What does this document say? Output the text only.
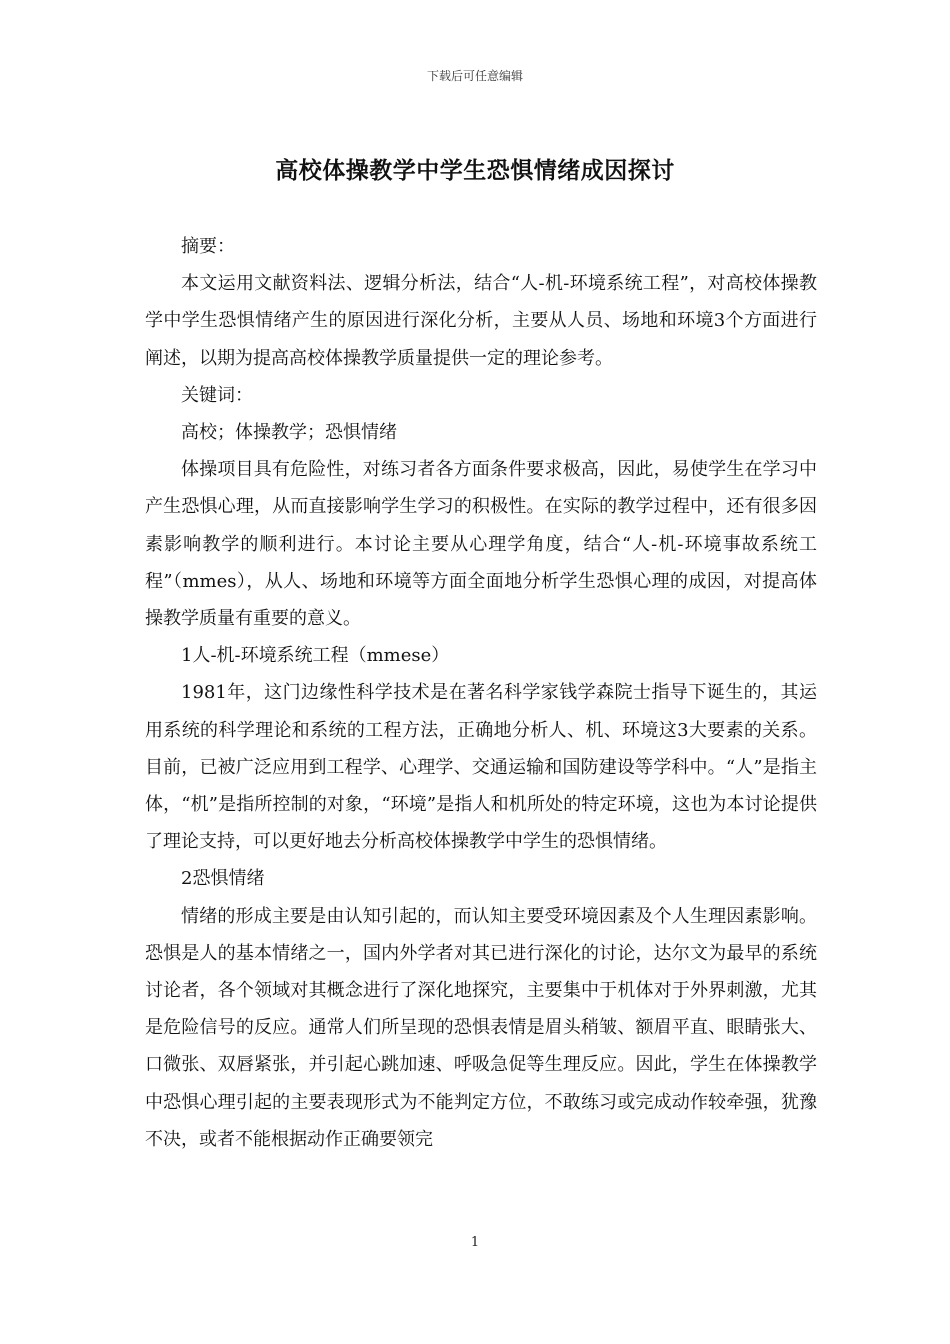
下载后可任意编辑
高校体操教学中学生恐惧情绪成因探讨

摘要：

本文运用文献资料法、逻辑分析法，结合“人-机-环境系统工程”，对高校体操教学中学生恐惧情绪产生的原因进行深化分析，主要从人员、场地和环境3个方面进行阐述，以期为提高高校体操教学质量提供一定的理论参考。

关键词：

高校；体操教学；恐惧情绪

体操项目具有危险性，对练习者各方面条件要求极高，因此，易使学生在学习中产生恐惧心理，从而直接影响学生学习的积极性。在实际的教学过程中，还有很多因素影响教学的顺利进行。本讨论主要从心理学角度，结合“人-机-环境事故系统工程”（mmes），从人、场地和环境等方面全面地分析学生恐惧心理的成因，对提高体操教学质量有重要的意义。

1人-机-环境系统工程（mmese）

1981年，这门边缘性科学技术是在著名科学家钱学森院士指导下诞生的，其运用系统的科学理论和系统的工程方法，正确地分析人、机、环境这3大要素的关系。目前，已被广泛应用到工程学、心理学、交通运输和国防建设等学科中。“人”是指主体，“机”是指所控制的对象，“环境”是指人和机所处的特定环境，这也为本讨论提供了理论支持，可以更好地去分析高校体操教学中学生的恐惧情绪。

2恐惧情绪

情绪的形成主要是由认知引起的，而认知主要受环境因素及个人生理因素影响。恐惧是人的基本情绪之一，国内外学者对其已进行深化的讨论，达尔文为最早的系统讨论者，各个领域对其概念进行了深化地探究，主要集中于机体对于外界刺激，尤其是危险信号的反应。通常人们所呈现的恐惧表情是眉头稍皱、额眉平直、眼睛张大、口微张、双唇紧张，并引起心跳加速、呼吸急促等生理反应。因此，学生在体操教学中恐惧心理引起的主要表现形式为不能判定方位，不敢练习或完成动作较牵强，犹豫不决，或者不能根据动作正确要领完

1
